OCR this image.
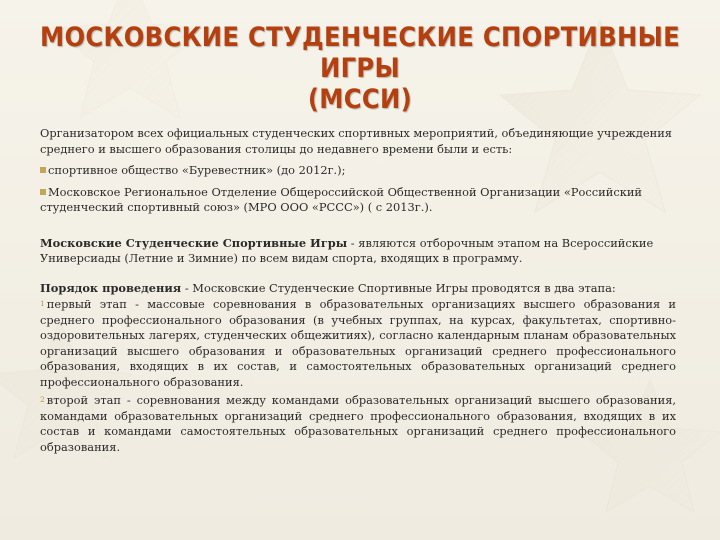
МОСКОВСКИЕ СТУДЕНЧЕСКИЕ СПОРТИВНЫЕ
ИГРЫ
(МССИ)

Организатором всех официальных студенческих спортивных мероприятий, объединяющие учреждения среднего и высшего образования столицы до недавнего времени были и есть:

спортивное общество «Буревестник» (до 2012г.);

Московское Региональное Отделение Общероссийской Общественной Организации «Российский студенческий спортивный союз» (МРО ООО «РССС») ( с 2013г.).

Московские Студенческие Спортивные Игры - являются отборочным этапом на Всероссийские Универсиады (Летние и Зимние) по всем видам спорта, входящих в программу.

Порядок проведения - Московские Студенческие Спортивные Игры проводятся в два этапа:

1 первый этап - массовые соревнования в образовательных организациях высшего образования и среднего профессионального образования (в учебных группах, на курсах, факультетах, спортивно-оздоровительных лагерях, студенческих общежитиях), согласно календарным планам образовательных организаций высшего образования и образовательных организаций среднего профессионального образования, входящих в их состав, и самостоятельных образовательных организаций среднего профессионального образования.

2 второй этап - соревнования между командами образовательных организаций высшего образования, командами образовательных организаций среднего профессионального образования, входящих в их состав и командами самостоятельных образовательных организаций среднего профессионального образования.
